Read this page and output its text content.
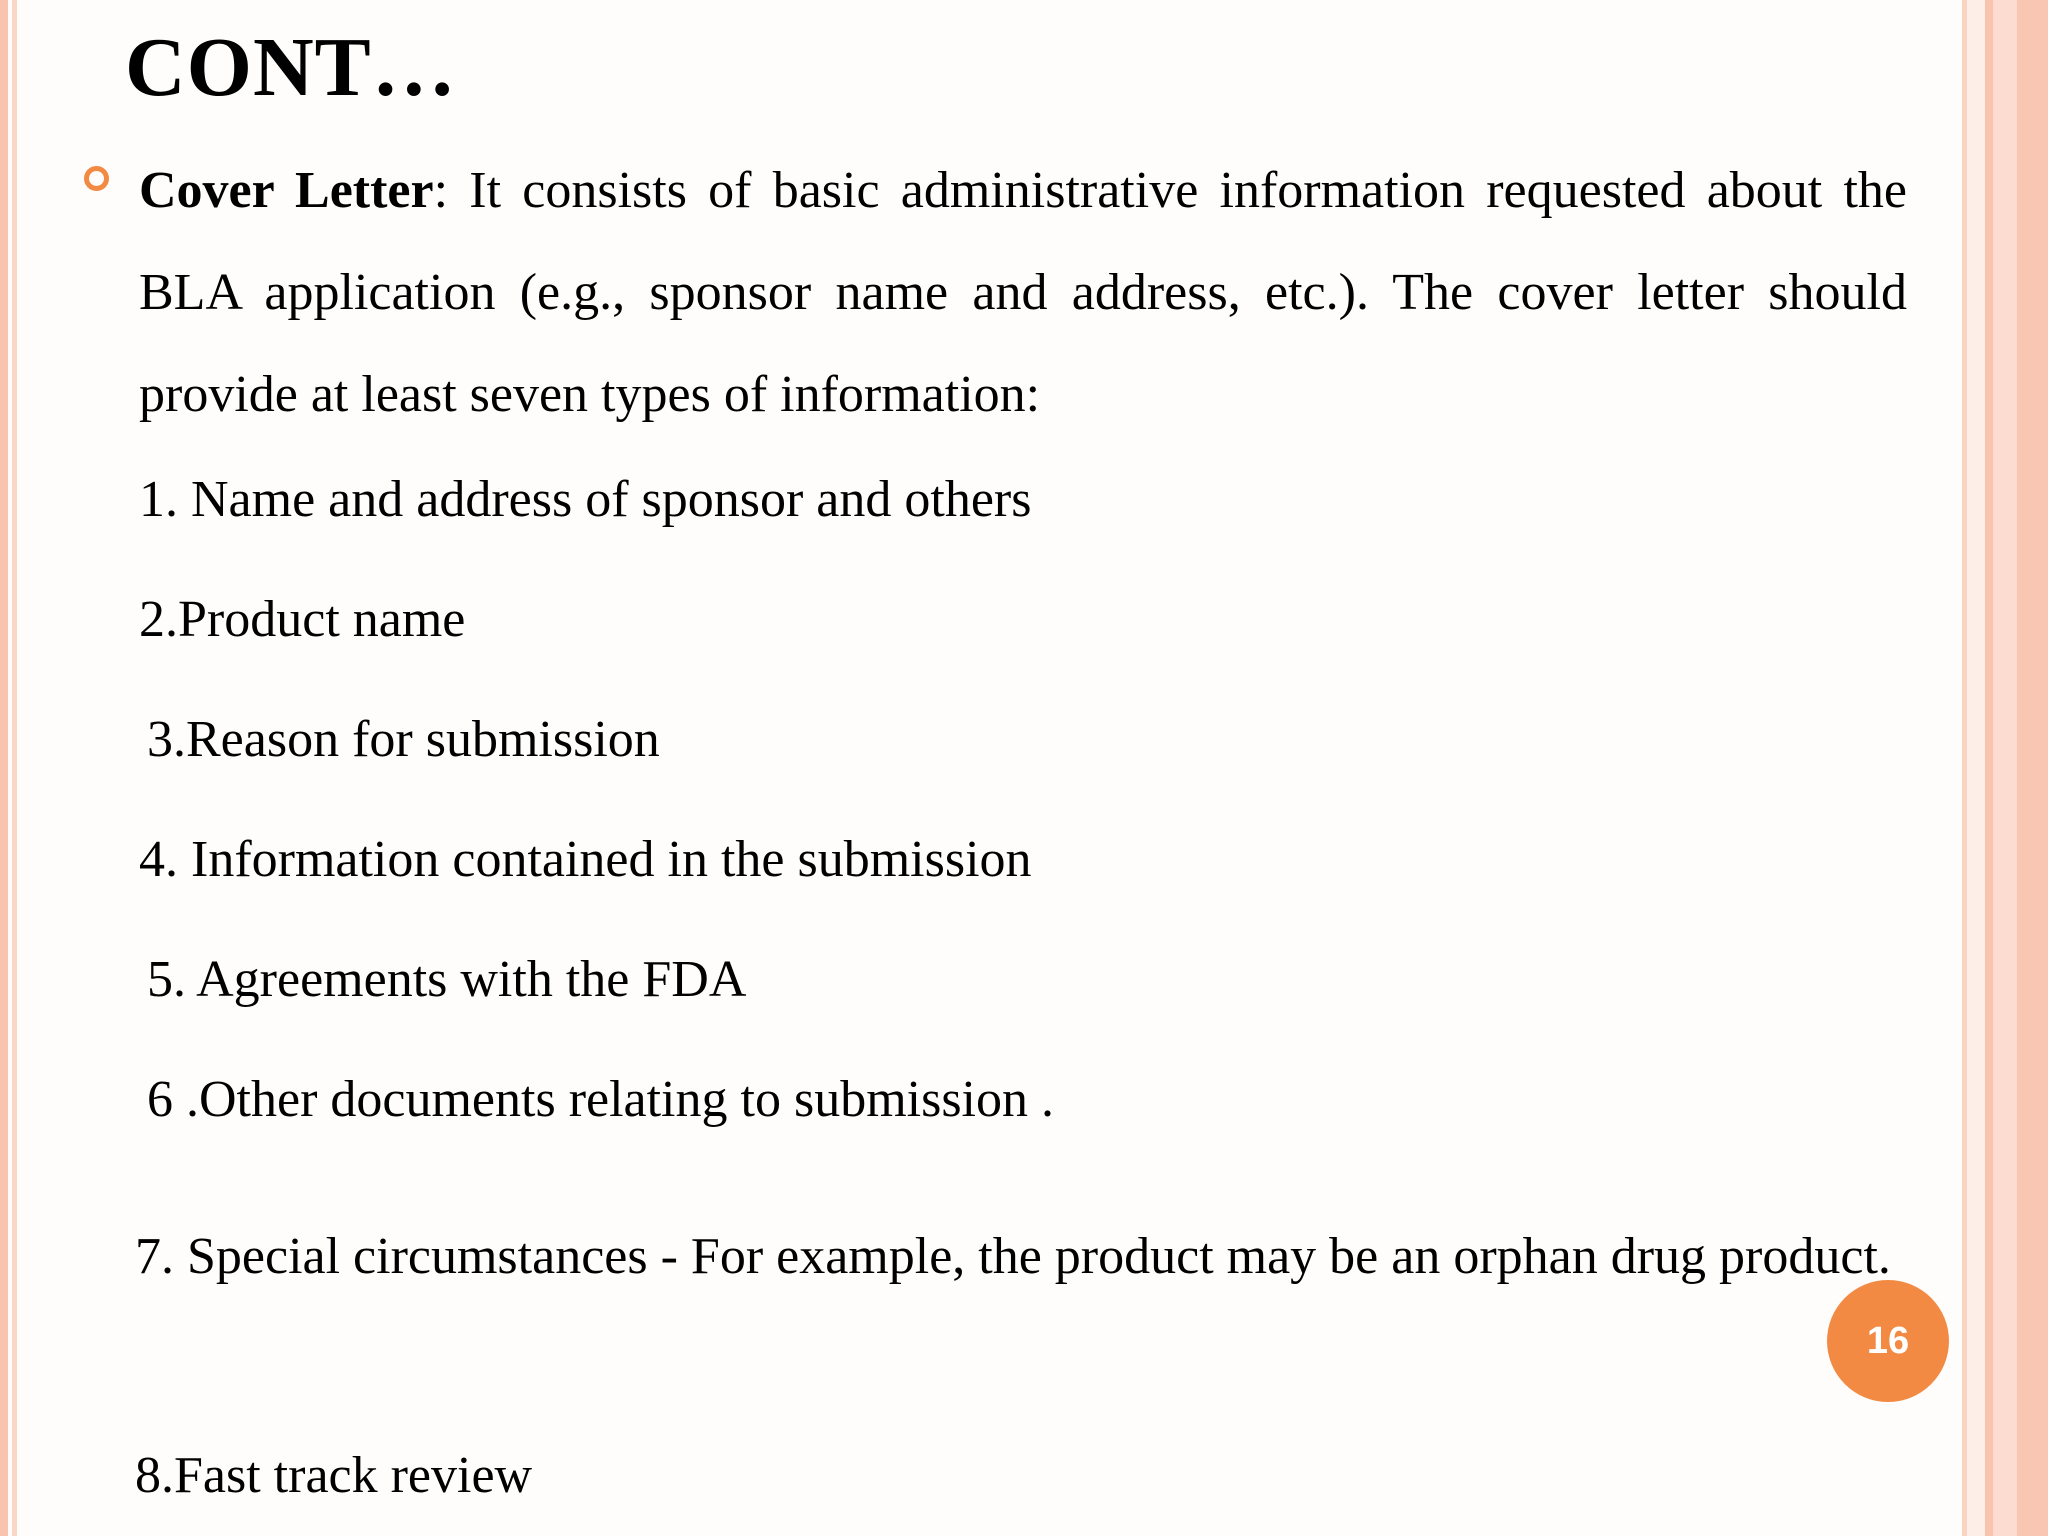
CONT…
Cover Letter: It consists of basic administrative information requested about the BLA application (e.g., sponsor name and address, etc.). The cover letter should provide at least seven types of information:
1. Name and address of sponsor and others
2.Product name
3.Reason for submission
4. Information contained in the submission
5. Agreements with the FDA
6 .Other documents relating to submission .
7. Special circumstances - For example, the product may be an orphan drug product.
8.Fast track review
16
